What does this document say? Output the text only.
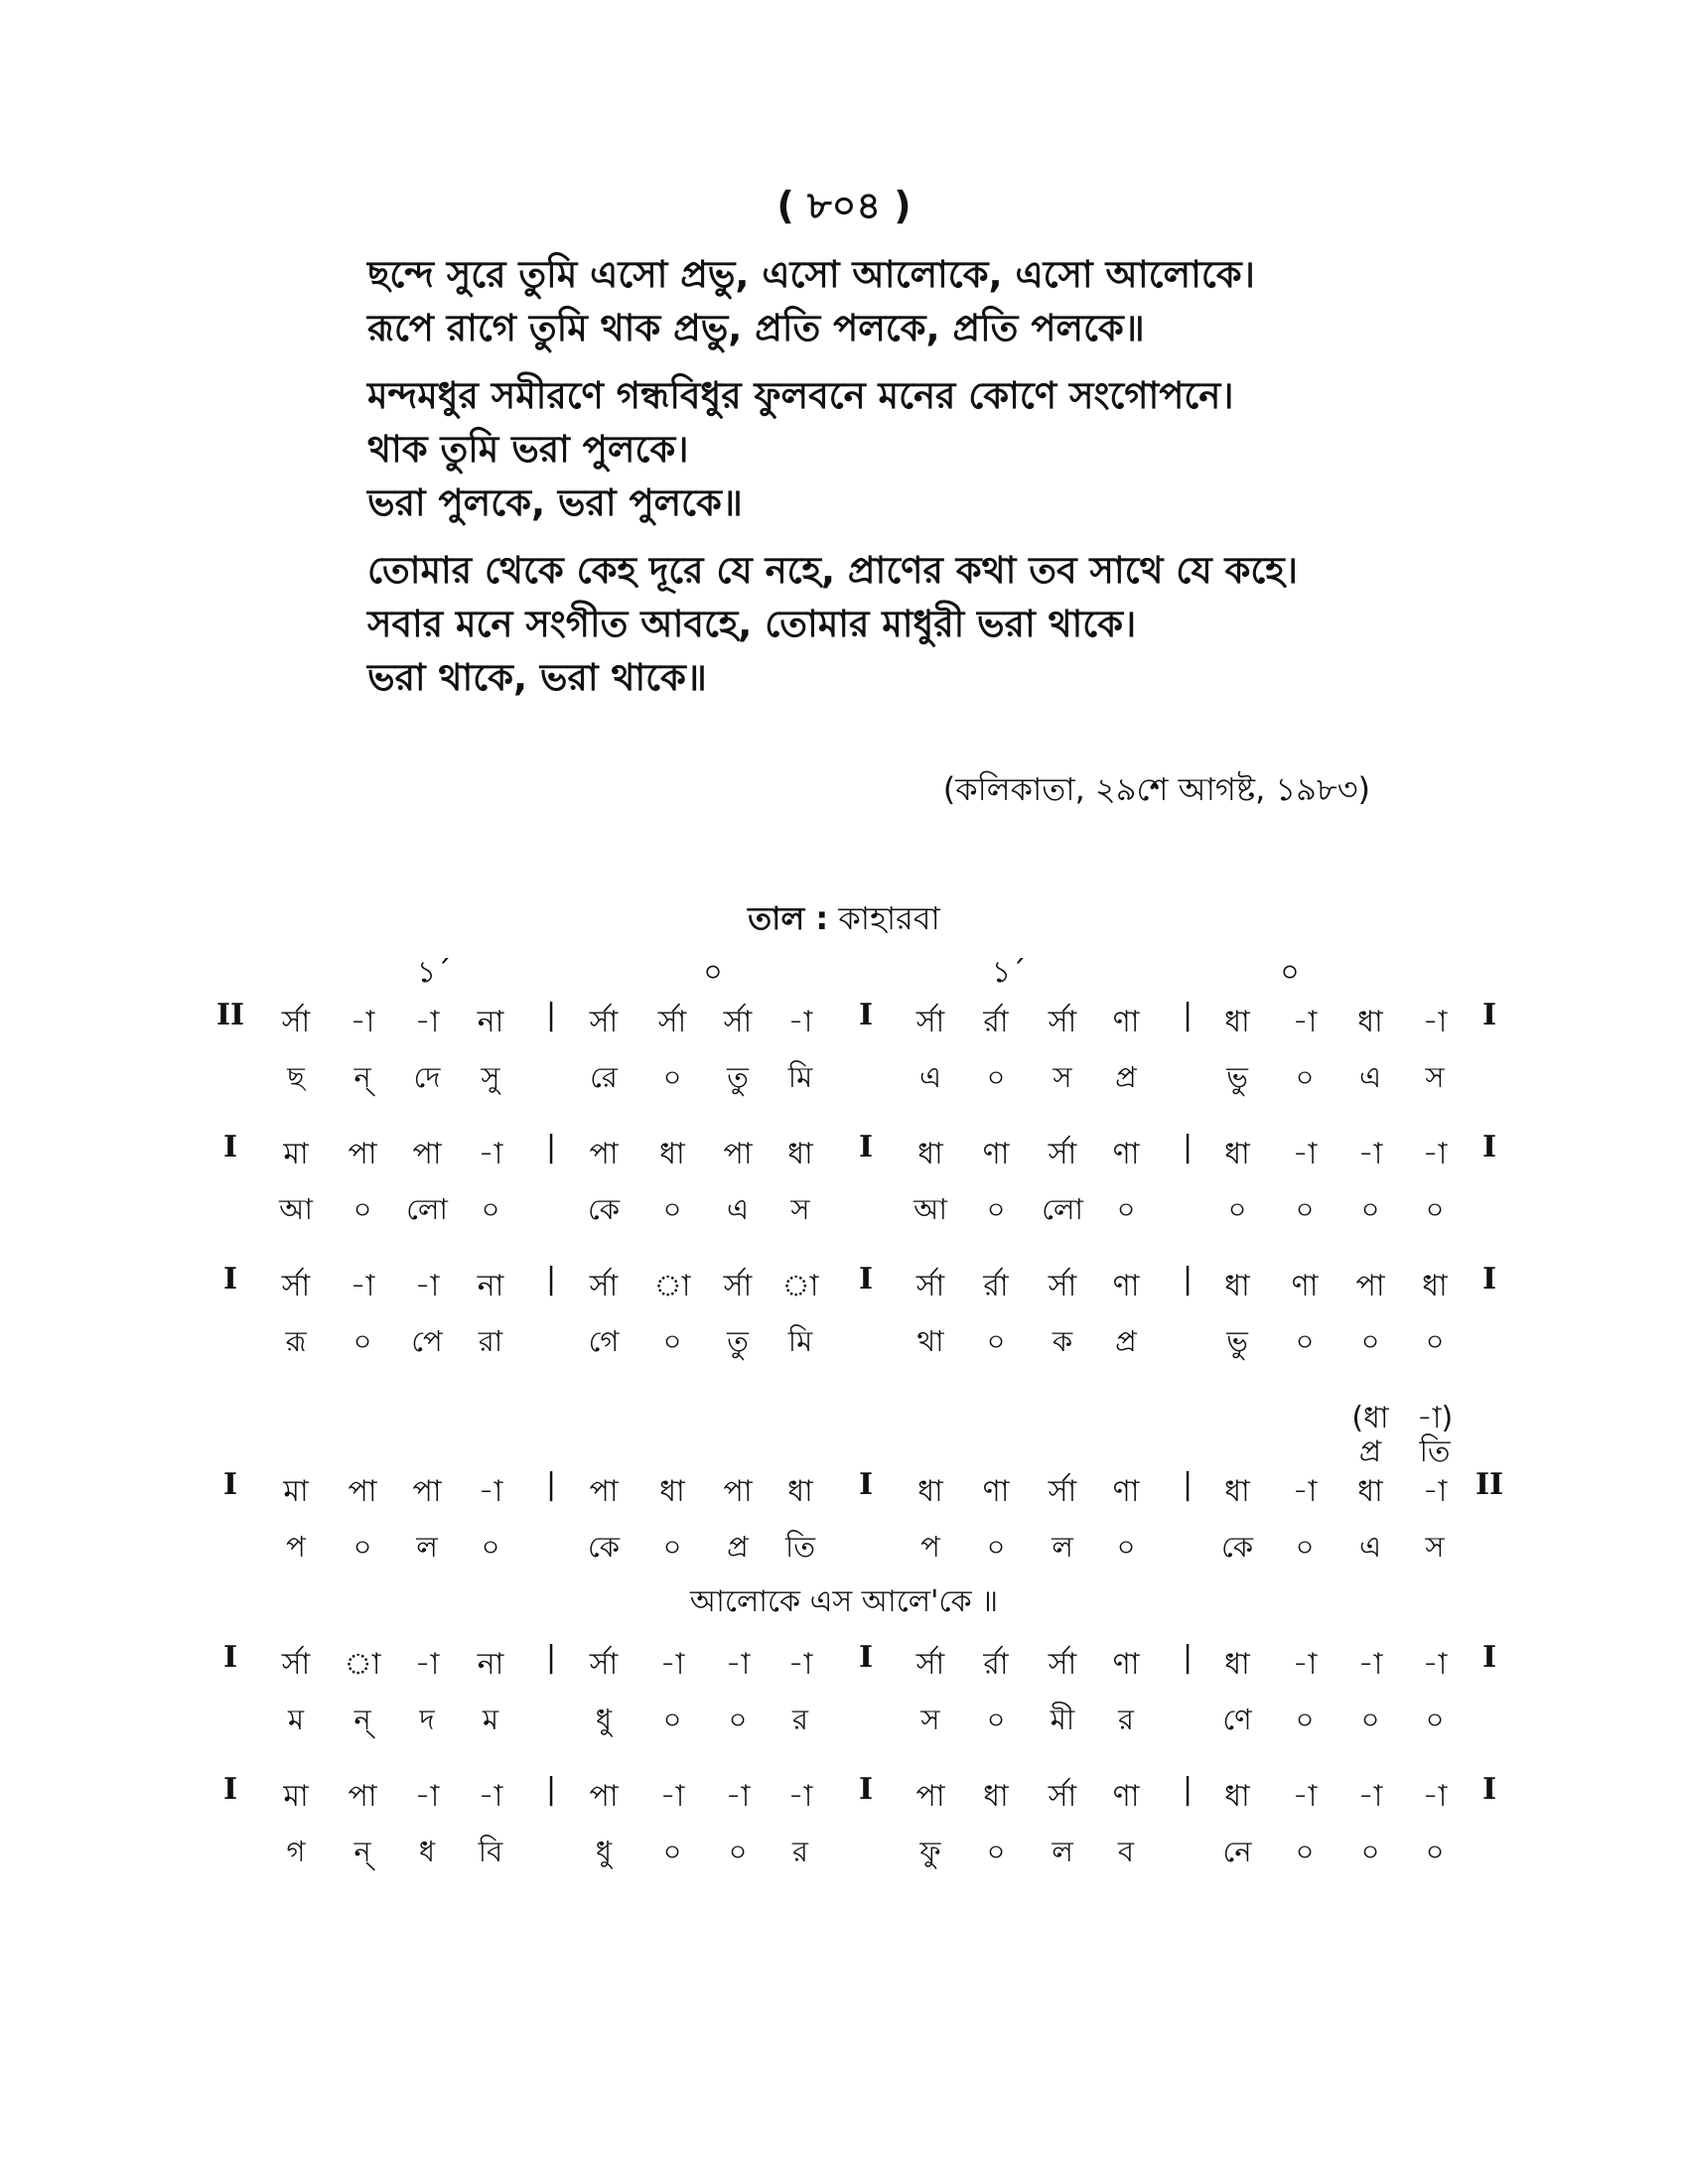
( ৮০৪ )
ছন্দে সুরে তুমি এসো প্রভু, এসো আলোকে, এসো আলোকে।
রূপে রাগে তুমি থাক প্রভু, প্রতি পলকে, প্রতি পলকে॥
মন্দমধুর সমীরণে গন্ধবিধুর ফুলবনে মনের কোণে সংগোপনে।
থাক তুমি ভরা পুলকে।
ভরা পুলকে, ভরা পুলকে॥
তোমার থেকে কেহ দূরে যে নহে, প্রাণের কথা তব সাথে যে কহে।
সবার মনে সংগীত আবহে, তোমার মাধুরী ভরা থাকে।
ভরা থাকে, ভরা থাকে॥
(কলিকাতা, ২৯শে আগষ্ট, ১৯৮৩)
তাল : কাহারবা
১´	০	১´	০
II র্সা -া -া না | র্সা র্সা র্সা -া I র্সা র্রা র্সা ণা | ধা -া ধা -া I
ছ ন্ দে সু	রে ০ তু মি	এ ০ স প্র	ভু ০ এ স
I মা পা পা -া | পা ধা পা ধা I ধা ণা র্সা ণা | ধা -া -া -া I
আ ০ লো ০	কে ০ এ স	আ ০ লো ০	০ ০ ০ ০
I র্সা -া -া না | র্সা া র্সা া I র্সা র্রা র্সা ণা | ধা ণা পা ধা I
রূ ০ পে রা	গে ০ তু মি	থা ০ ক প্র	ভু ০ ০ ০
(ধা -া)
প্র তি
I মা পা পা -া | পা ধা পা ধা I ধা ণা র্সা ণা | ধা -া ধা -া II
প ০ ল ০	কে ০ প্র তি	প ০ ল ০	কে ০ এ স
আলোকে এস আলে'কে ॥
I র্সা া -া না | র্সা -া -া -া I র্সা র্রা র্সা ণা | ধা -া -া -া I
ম ন্ দ ম	ধু ০ ০ র	স ০ মী র	ণে ০ ০ ০
I মা পা -া -া | পা -া -া -া I পা ধা র্সা ণা | ধা -া -া -া I
গ ন্ ধ বি	ধু ০ ০ র	ফু ০ ল ব	নে ০ ০ ০
